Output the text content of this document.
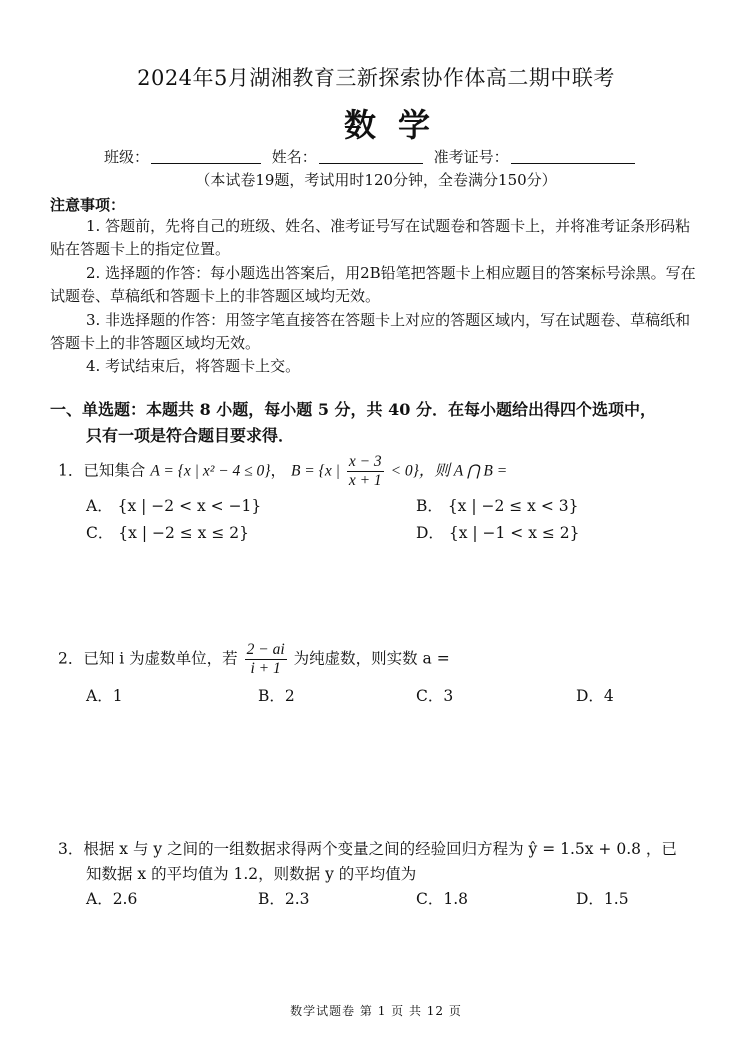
2024年5月湖湘教育三新探索协作体高二期中联考
数学
班级：	姓名：	准考证号：
（本试卷19题，考试用时120分钟，全卷满分150分）
注意事项：
1. 答题前，先将自己的班级、姓名、准考证号写在试题卷和答题卡上，并将准考证条形码粘贴在答题卡上的指定位置。
2. 选择题的作答：每小题选出答案后，用2B铅笔把答题卡上相应题目的答案标号涂黑。写在试题卷、草稿纸和答题卡上的非答题区域均无效。
3. 非选择题的作答：用签字笔直接答在答题卡上对应的答题区域内，写在试题卷、草稿纸和答题卡上的非答题区域均无效。
4. 考试结束后，将答题卡上交。
一、单选题：本题共 8 小题，每小题 5 分，共 40 分．在每小题给出得四个选项中，
只有一项是符合题目要求得．
1．已知集合 A = {x | x² − 4 ≤ 0}， B = {x | $\frac{x - 3}{x + 1} < 0$}，则 A ⋂ B =
A． {x | −2 < x < −1}	B． {x | −2 ≤ x < 3}
C． {x | −2 ≤ x ≤ 2}	D． {x | −1 < x ≤ 2}
2．已知 i 为虚数单位，若 $\frac{2 - ai}{i + 1}$ 为纯虚数，则实数 a =
A．1	B．2	C．3	D．4
3．根据 x 与 y 之间的一组数据求得两个变量之间的经验回归方程为 ŷ = 1.5x + 0.8 ，已
知数据 x 的平均值为 1.2，则数据 y 的平均值为
A．2.6	B．2.3	C．1.8	D．1.5
数学试题卷 第 1 页 共 12 页
